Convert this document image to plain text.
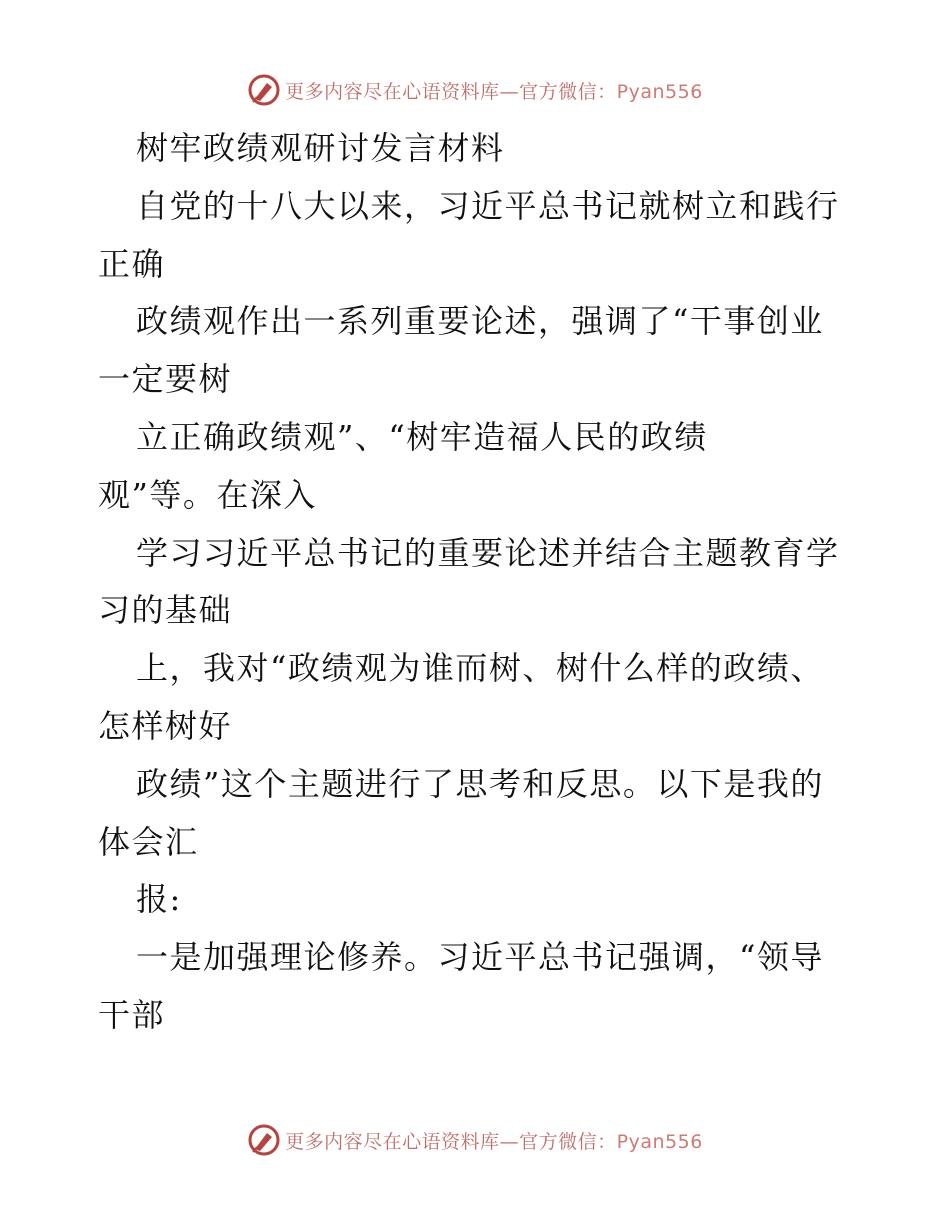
更多内容尽在心语资料库—官方微信：Pyan556
树牢政绩观研讨发言材料
自党的十八大以来，习近平总书记就树立和践行
正确
政绩观作出一系列重要论述，强调了“干事创业
一定要树
立正确政绩观”、“树牢造福人民的政绩
观”等。在深入
学习习近平总书记的重要论述并结合主题教育学
习的基础
上，我对“政绩观为谁而树、树什么样的政绩、
怎样树好
政绩”这个主题进行了思考和反思。以下是我的
体会汇
报:
一是加强理论修养。习近平总书记强调，“领导
干部
更多内容尽在心语资料库—官方微信：Pyan556
